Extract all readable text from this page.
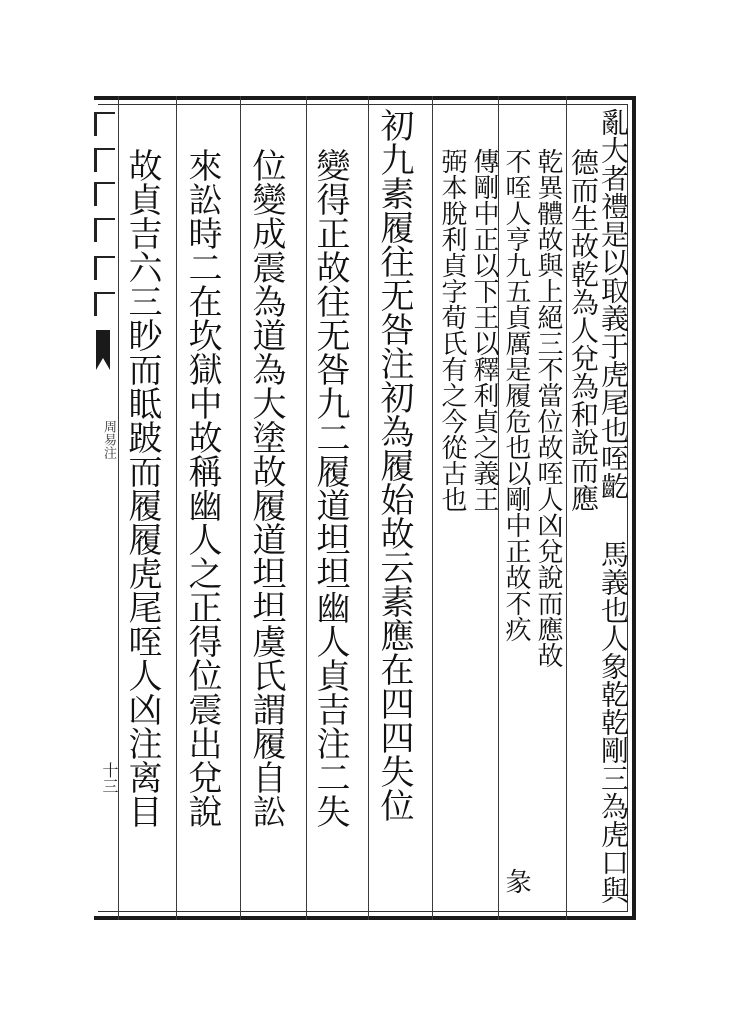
周易注
十三
亂大者禮是以取義于虎尾也咥齕
德而生故乾為人兌為和說而應
馬義也人象乾乾剛三為虎口與
乾異體故與上絕三不當位故咥人凶兌說而應故
不咥人亨九五貞厲是履危也以剛中正故不疚
彖
傳剛中正以下王以釋利貞之義王
弼本脫利貞字荀氏有之今從古也
初九素履往无咎注初為履始故云素應在四四失位
變得正故往无咎九二履道坦坦幽人貞吉注二失
位變成震為道為大塗故履道坦坦虞氏謂履自訟
來訟時二在坎獄中故稱幽人之正得位震出兌說
故貞吉六三眇而眡跛而履履虎尾咥人凶注离目
